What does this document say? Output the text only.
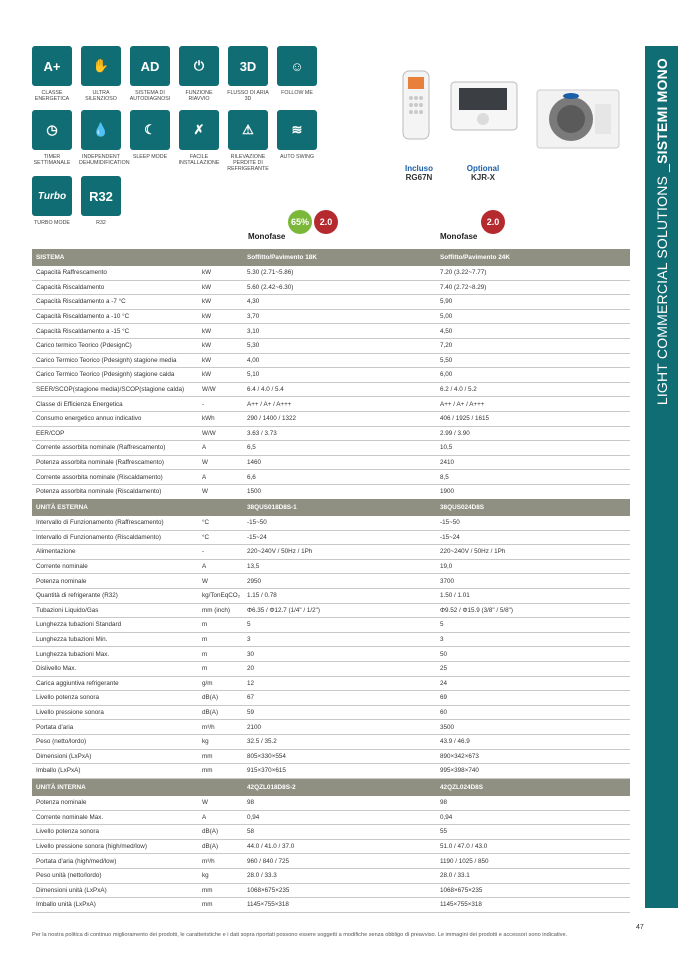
LIGHT COMMERCIAL SOLUTIONS _
SISTEMI MONO
A+
CLASSE ENERGETICA
✋
ULTRA SILENZIOSO
AD
SISTEMA DI AUTODIAGNOSI
⏻
FUNZIONE RIAVVIO
3D
FLUSSO DI ARIA 3D
☺
FOLLOW ME
◷
TIMER SETTIMANALE
💧
INDEPENDENT DEHUMIDIFICATION
☾
SLEEP MODE
✗
FACILE INSTALLAZIONE
⚠
RILEVAZIONE PERDITE DI REFRIGERANTE
≋
AUTO SWING
Turbo
TURBO MODE
R32
R32
Incluso
RG67N
Optional
KJR-X
65%	2.0	2.0
Monofase	Monofase
SISTEMA		Soffitto/Pavimento 18K	Soffitto/Pavimento 24K
Capacità Raffrescamento	kW	5.30 (2.71~5.86)	7.20 (3.22~7.77)
Capacità Riscaldamento	kW	5.60 (2.42~6.30)	7.40 (2.72~8.29)
Capacità Riscaldamento a -7 °C	kW	4,30	5,90
Capacità Riscaldamento a -10 °C	kW	3,70	5,00
Capacità Riscaldamento a -15 °C	kW	3,10	4,50
Carico termico Teorico (PdesignC)	kW	5,30	7,20
Carico Termico Teorico (Pdesignh) stagione media	kW	4,00	5,50
Carico Termico Teorico (Pdesignh) stagione calda	kW	5,10	6,00
SEER/SCOP(stagione media)/SCOP(stagione calda)	W/W	6.4 / 4.0 / 5.4	6.2 / 4.0 / 5.2
Classe di Efficienza Energetica	-	A++ / A+ / A+++	A++ / A+ / A+++
Consumo energetico annuo indicativo	kWh	290 / 1400 / 1322	406 / 1925 / 1615
EER/COP	W/W	3.63 / 3.73	2.99 / 3.90
Corrente assorbita nominale (Raffrescamento)	A	6,5	10,5
Potenza assorbita nominale (Raffrescamento)	W	1460	2410
Corrente assorbita nominale (Riscaldamento)	A	6,6	8,5
Potenza assorbita nominale (Riscaldamento)	W	1500	1900
UNITÀ ESTERNA		38QUS018D8S-1	38QUS024D8S
Intervallo di Funzionamento (Raffrescamento)	°C	-15~50	-15~50
Intervallo di Funzionamento (Riscaldamento)	°C	-15~24	-15~24
Alimentazione	-	220~240V / 50Hz / 1Ph	220~240V / 50Hz / 1Ph
Corrente nominale	A	13,5	19,0
Potenza nominale	W	2950	3700
Quantità di refrigerante (R32)	kg/TonEqCO₂	1.15 / 0.78	1.50 / 1.01
Tubazioni Liquido/Gas	mm (inch)	Φ6.35 / Φ12.7 (1/4" / 1/2")	Φ9.52 / Φ15.9 (3/8" / 5/8")
Lunghezza tubazioni Standard	m	5	5
Lunghezza tubazioni Min.	m	3	3
Lunghezza tubazioni Max.	m	30	50
Dislivello Max.	m	20	25
Carica aggiuntiva refrigerante	g/m	12	24
Livello potenza sonora	dB(A)	67	69
Livello pressione sonora	dB(A)	59	60
Portata d'aria	m³/h	2100	3500
Peso (netto/lordo)	kg	32.5 / 35.2	43.9 / 46.9
Dimensioni (LxPxA)	mm	805×330×554	890×342×673
Imballo (LxPxA)	mm	915×370×615	995×398×740
UNITÀ INTERNA		42QZL018D8S-2	42QZL024D8S
Potenza nominale	W	98	98
Corrente nominale Max.	A	0,94	0,94
Livello potenza sonora	dB(A)	58	55
Livello pressione sonora (high/med/low)	dB(A)	44.0 / 41.0 / 37.0	51.0 / 47.0 / 43.0
Portata d'aria (high/med/low)	m³/h	960 / 840 / 725	1190 / 1025 / 850
Peso unità (netto/lordo)	kg	28.0 / 33.3	28.0 / 33.1
Dimensioni unità (LxPxA)	mm	1068×675×235	1068×675×235
Imballo unità (LxPxA)	mm	1145×755×318	1145×755×318
Per la nostra politica di continuo miglioramento dei prodotti, le caratteristiche e i dati sopra riportati possono essere soggetti a modifiche senza obbligo di preavviso. Le immagini dei prodotti e accessori sono indicative.
47
